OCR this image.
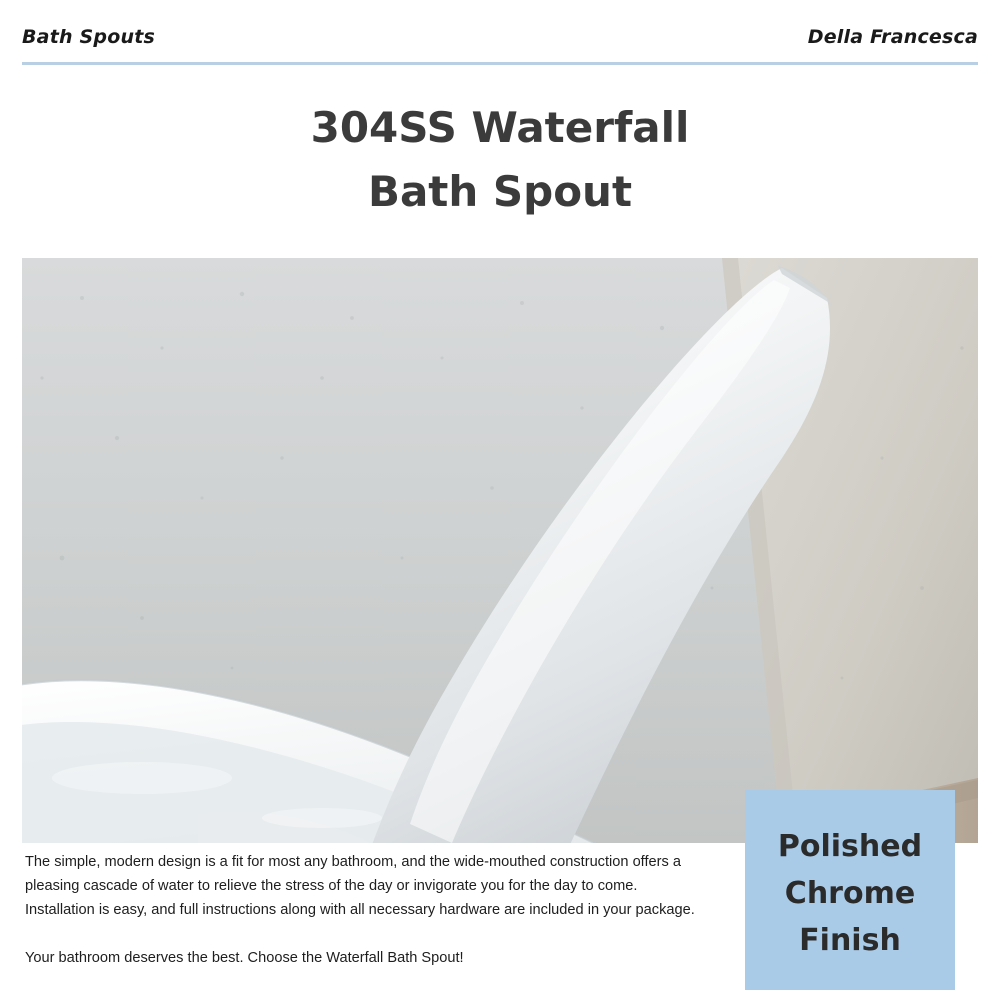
Bath Spouts	Della Francesca
304SS Waterfall
Bath Spout
Polished
Chrome
Finish

The simple, modern design is a fit for most any bathroom, and the wide-mouthed construction offers a pleasing cascade of water to relieve the stress of the day or invigorate you for the day to come. Installation is easy, and full instructions along with all necessary hardware are included in your package.

Your bathroom deserves the best. Choose the Waterfall Bath Spout!
